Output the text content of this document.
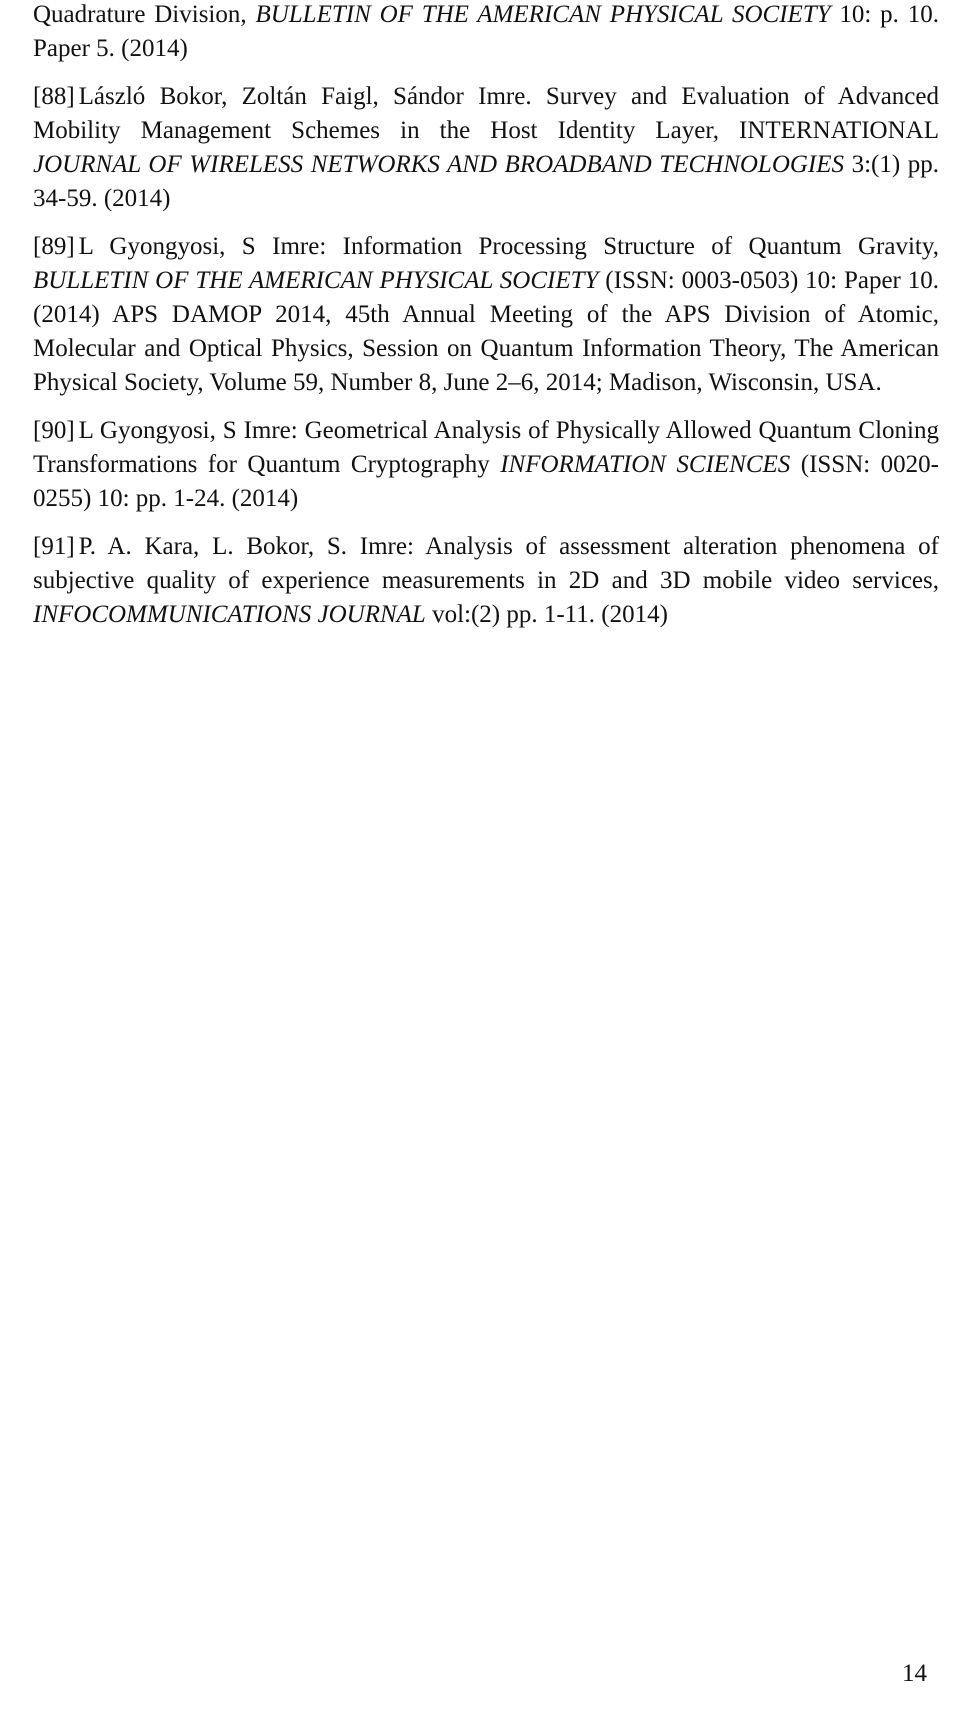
Quadrature Division, BULLETIN OF THE AMERICAN PHYSICAL SOCIETY 10: p. 10. Paper 5. (2014)

[88] László Bokor, Zoltán Faigl, Sándor Imre. Survey and Evaluation of Advanced Mobility Management Schemes in the Host Identity Layer, INTERNATIONAL JOURNAL OF WIRELESS NETWORKS AND BROADBAND TECHNOLOGIES 3:(1) pp. 34-59. (2014)

[89] L Gyongyosi, S Imre: Information Processing Structure of Quantum Gravity, BULLETIN OF THE AMERICAN PHYSICAL SOCIETY (ISSN: 0003-0503) 10: Paper 10. (2014) APS DAMOP 2014, 45th Annual Meeting of the APS Division of Atomic, Molecular and Optical Physics, Session on Quantum Information Theory, The American Physical Society, Volume 59, Number 8, June 2–6, 2014; Madison, Wisconsin, USA.

[90] L Gyongyosi, S Imre: Geometrical Analysis of Physically Allowed Quantum Cloning Transformations for Quantum Cryptography INFORMATION SCIENCES (ISSN: 0020-0255) 10: pp. 1-24. (2014)

[91] P. A. Kara, L. Bokor, S. Imre: Analysis of assessment alteration phenomena of subjective quality of experience measurements in 2D and 3D mobile video services, INFOCOMMUNICATIONS JOURNAL vol:(2) pp. 1-11. (2014)

14
